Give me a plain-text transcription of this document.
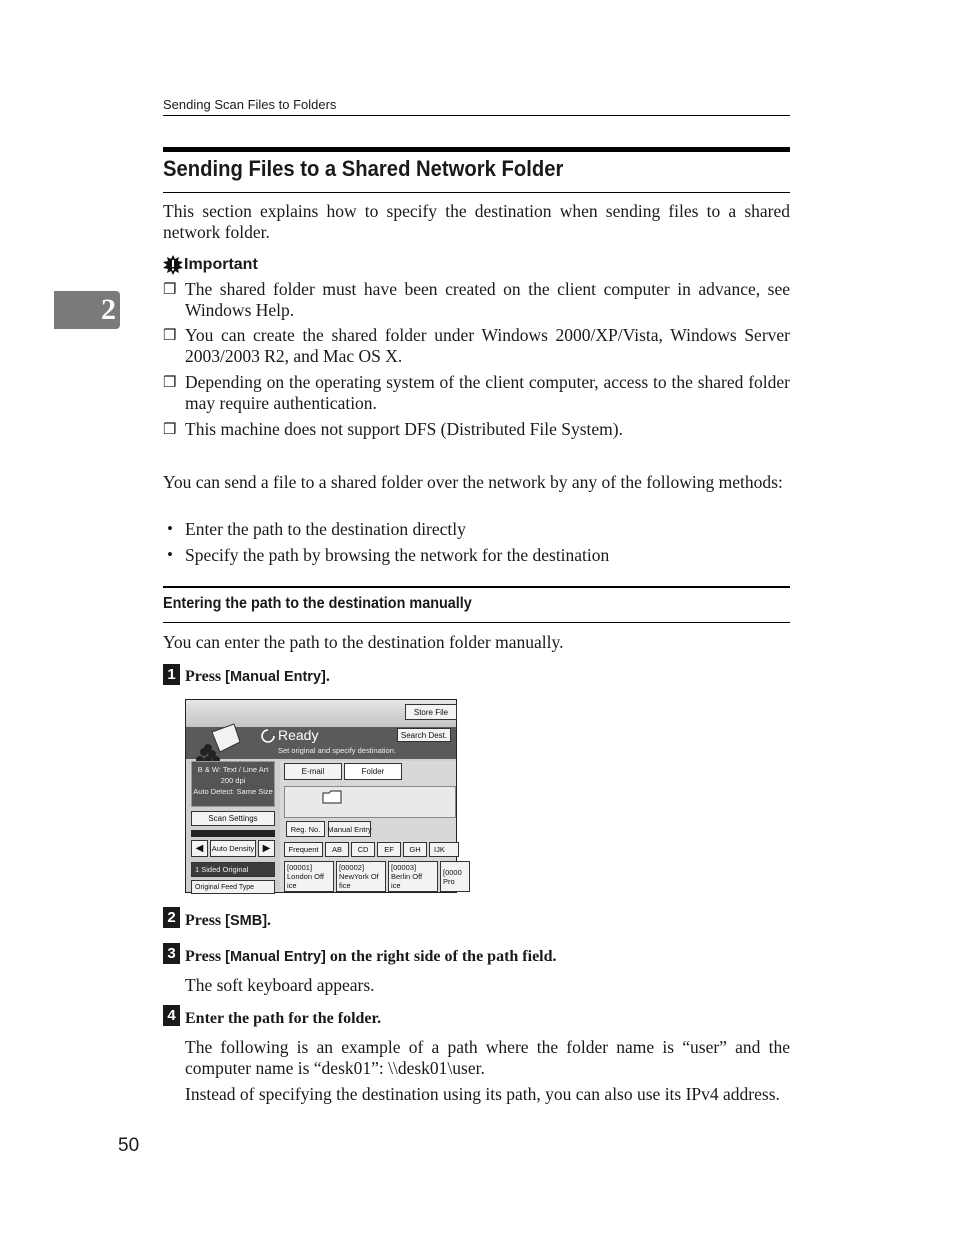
Sending Scan Files to Folders
2
Sending Files to a Shared Network Folder
This section explains how to specify the destination when sending files to a shared network folder.
Important
❒ The shared folder must have been created on the client computer in advance, see Windows Help.
❒ You can create the shared folder under Windows 2000/XP/Vista, Windows Server 2003/2003 R2, and Mac OS X.
❒ Depending on the operating system of the client computer, access to the shared folder may require authentication.
❒ This machine does not support DFS (Distributed File System).
You can send a file to a shared folder over the network by any of the following methods:
• Enter the path to the destination directly
• Specify the path by browsing the network for the destination
Entering the path to the destination manually
You can enter the path to the destination folder manually.
1 Press [Manual Entry].
Store File
Ready
Set original and specify destination.
Search Dest.
B & W: Text / Line Art
200 dpi
Auto Detect: Same Size
Scan Settings
◀	Auto Density ▶
1 Sided Original
Original Feed Type
E-mail	Folder
Reg. No. Manual Entry
Frequent	AB	CD	EF	GH	IJK
[00001]
London Off
ice
[00002]
NewYork Of
fice
[00003]
Berlin Off
ice
[0000
Pro
2 Press [SMB].
3 Press [Manual Entry] on the right side of the path field.
The soft keyboard appears.
4 Enter the path for the folder.
The following is an example of a path where the folder name is “user” and the computer name is “desk01”: \\desk01\user.
Instead of specifying the destination using its path, you can also use its IPv4 address.
50
